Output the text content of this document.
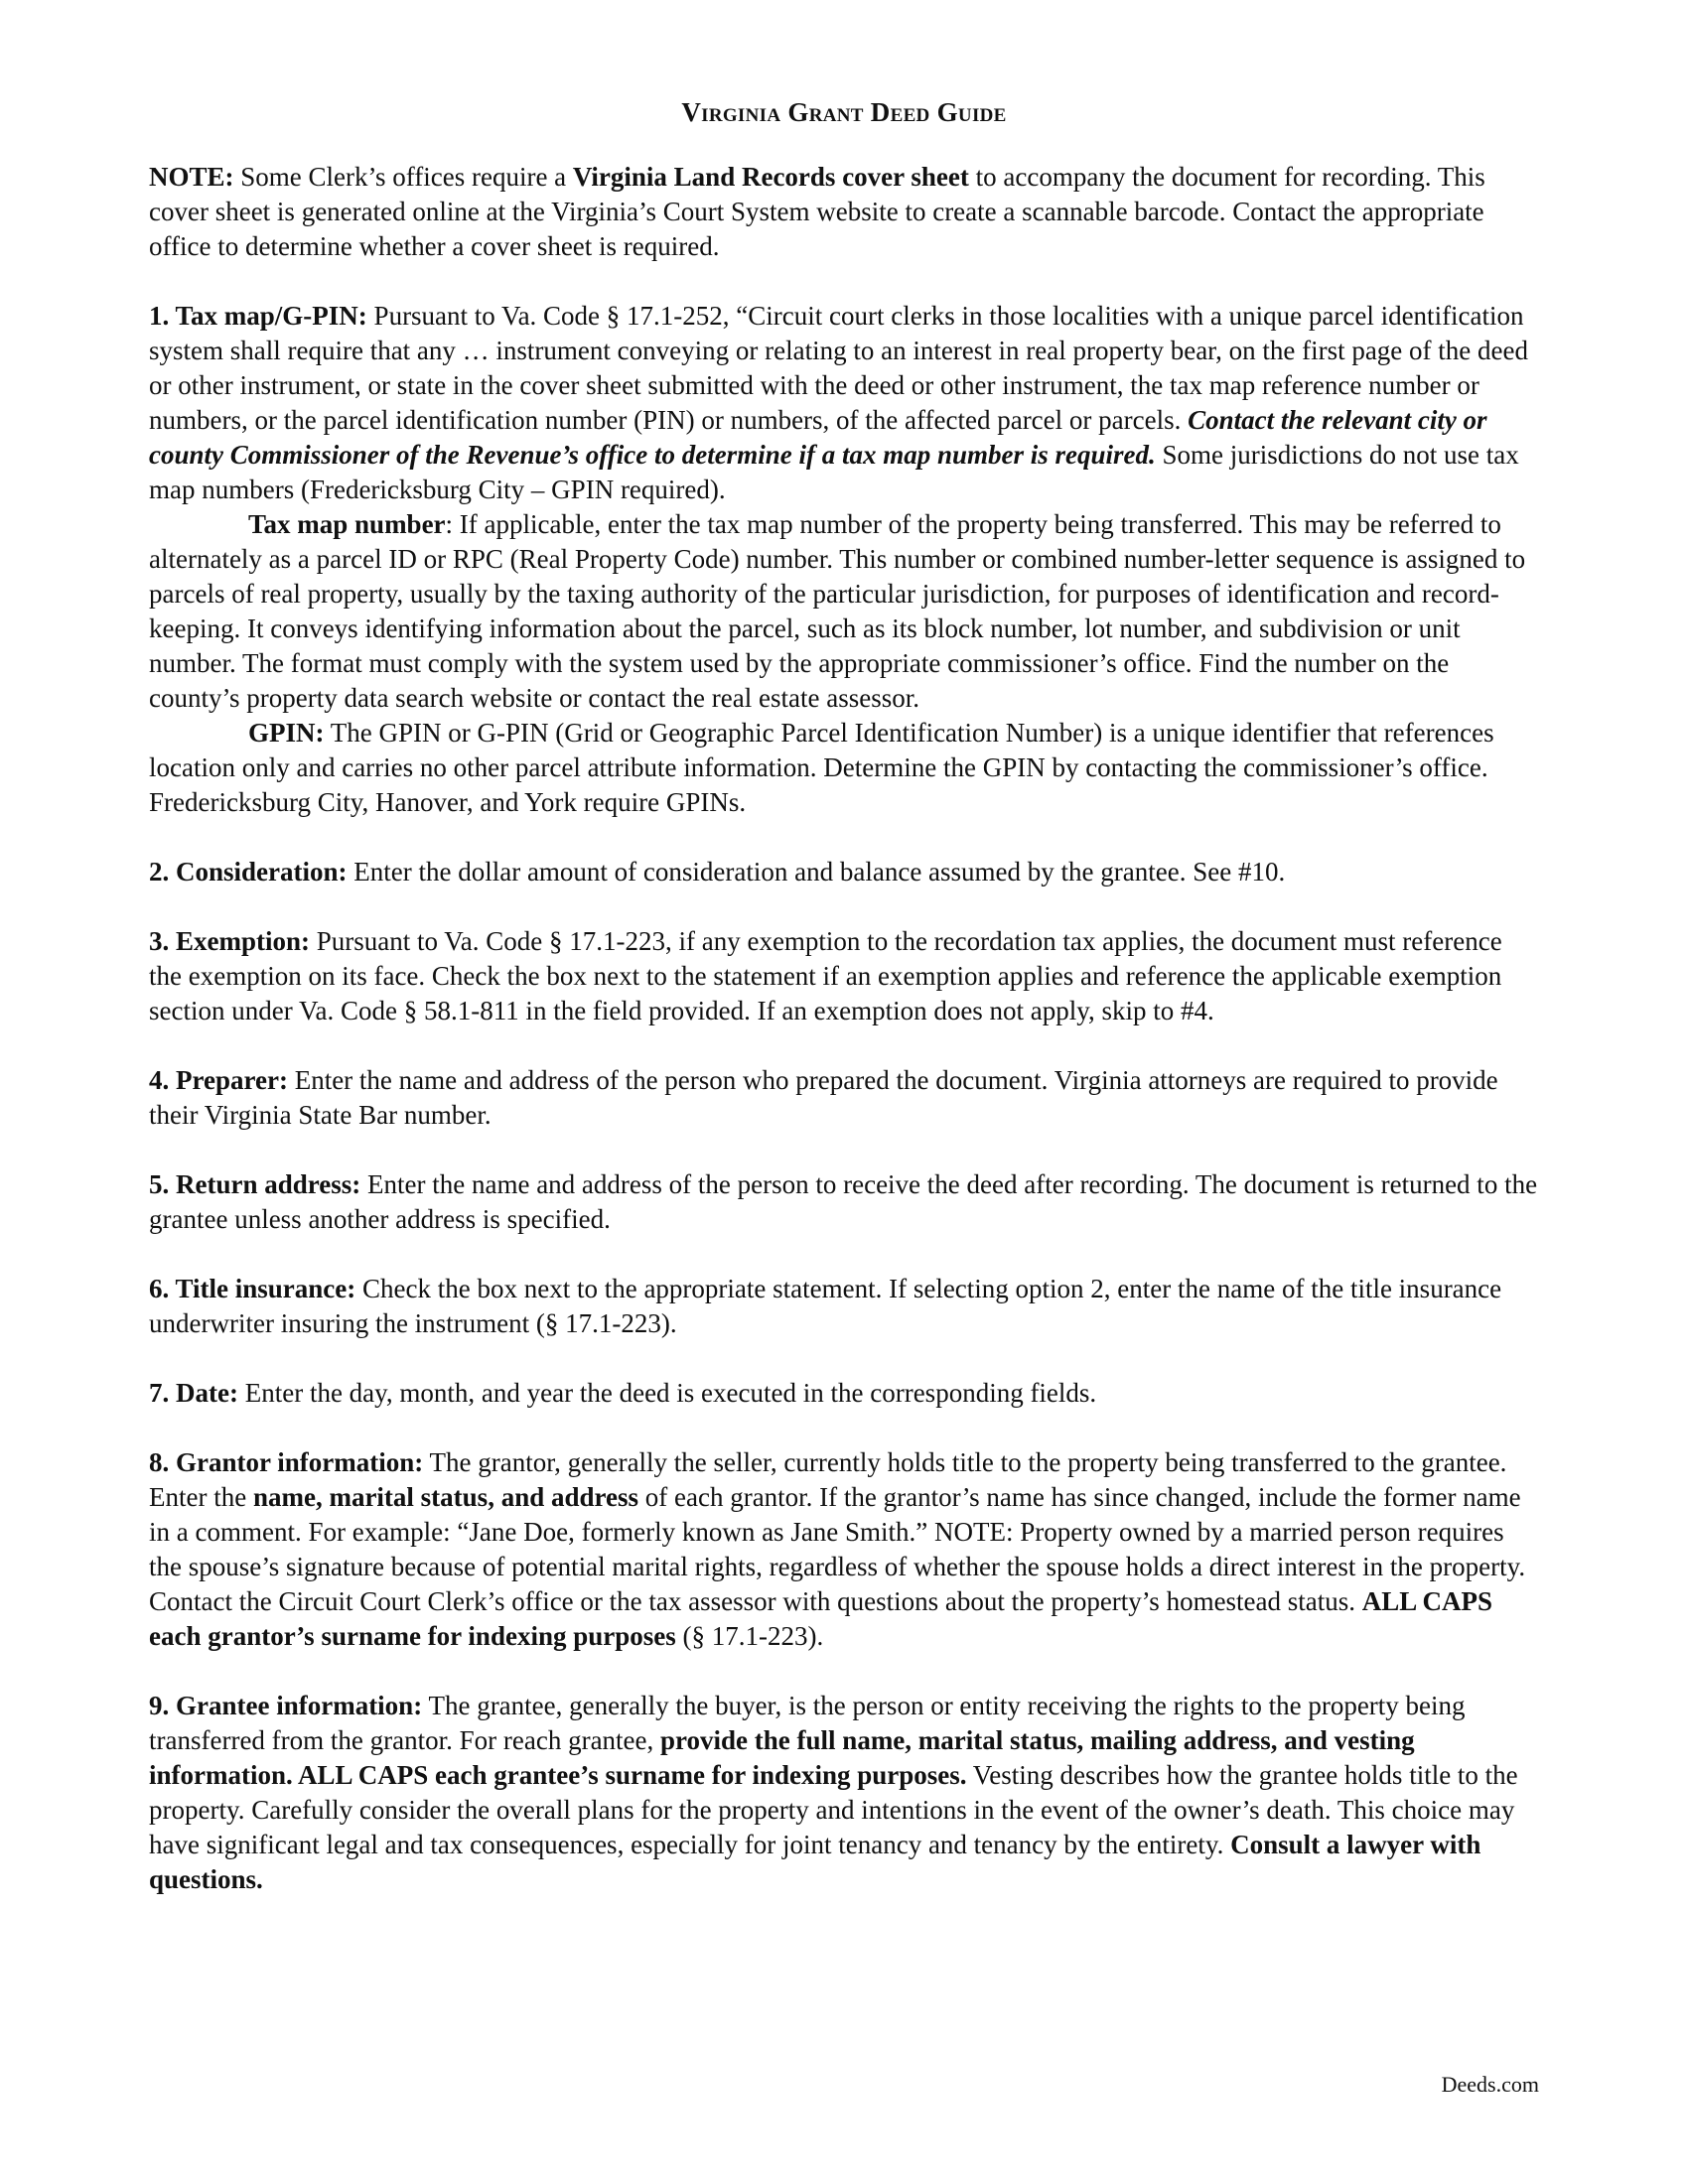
Virginia Grant Deed Guide

NOTE: Some Clerk’s offices require a Virginia Land Records cover sheet to accompany the document for recording. This cover sheet is generated online at the Virginia’s Court System website to create a scannable barcode. Contact the appropriate office to determine whether a cover sheet is required.

1. Tax map/G-PIN: Pursuant to Va. Code § 17.1-252, “Circuit court clerks in those localities with a unique parcel identification system shall require that any … instrument conveying or relating to an interest in real property bear, on the first page of the deed or other instrument, or state in the cover sheet submitted with the deed or other instrument, the tax map reference number or numbers, or the parcel identification number (PIN) or numbers, of the affected parcel or parcels. Contact the relevant city or county Commissioner of the Revenue’s office to determine if a tax map number is required. Some jurisdictions do not use tax map numbers (Fredericksburg City – GPIN required).

Tax map number: If applicable, enter the tax map number of the property being transferred. This may be referred to alternately as a parcel ID or RPC (Real Property Code) number. This number or combined number-letter sequence is assigned to parcels of real property, usually by the taxing authority of the particular jurisdiction, for purposes of identification and record-keeping. It conveys identifying information about the parcel, such as its block number, lot number, and subdivision or unit number. The format must comply with the system used by the appropriate commissioner’s office. Find the number on the county’s property data search website or contact the real estate assessor.

GPIN: The GPIN or G-PIN (Grid or Geographic Parcel Identification Number) is a unique identifier that references location only and carries no other parcel attribute information. Determine the GPIN by contacting the commissioner’s office. Fredericksburg City, Hanover, and York require GPINs.

2. Consideration: Enter the dollar amount of consideration and balance assumed by the grantee. See #10.

3. Exemption: Pursuant to Va. Code § 17.1-223, if any exemption to the recordation tax applies, the document must reference the exemption on its face. Check the box next to the statement if an exemption applies and reference the applicable exemption section under Va. Code § 58.1-811 in the field provided. If an exemption does not apply, skip to #4.

4. Preparer: Enter the name and address of the person who prepared the document. Virginia attorneys are required to provide their Virginia State Bar number.

5. Return address: Enter the name and address of the person to receive the deed after recording. The document is returned to the grantee unless another address is specified.

6. Title insurance: Check the box next to the appropriate statement. If selecting option 2, enter the name of the title insurance underwriter insuring the instrument (§ 17.1-223).

7. Date: Enter the day, month, and year the deed is executed in the corresponding fields.

8. Grantor information: The grantor, generally the seller, currently holds title to the property being transferred to the grantee. Enter the name, marital status, and address of each grantor. If the grantor’s name has since changed, include the former name in a comment. For example: “Jane Doe, formerly known as Jane Smith.” NOTE: Property owned by a married person requires the spouse’s signature because of potential marital rights, regardless of whether the spouse holds a direct interest in the property. Contact the Circuit Court Clerk’s office or the tax assessor with questions about the property’s homestead status. ALL CAPS each grantor’s surname for indexing purposes (§ 17.1-223).

9. Grantee information: The grantee, generally the buyer, is the person or entity receiving the rights to the property being transferred from the grantor. For reach grantee, provide the full name, marital status, mailing address, and vesting information. ALL CAPS each grantee’s surname for indexing purposes. Vesting describes how the grantee holds title to the property. Carefully consider the overall plans for the property and intentions in the event of the owner’s death. This choice may have significant legal and tax consequences, especially for joint tenancy and tenancy by the entirety. Consult a lawyer with questions.

Deeds.com
